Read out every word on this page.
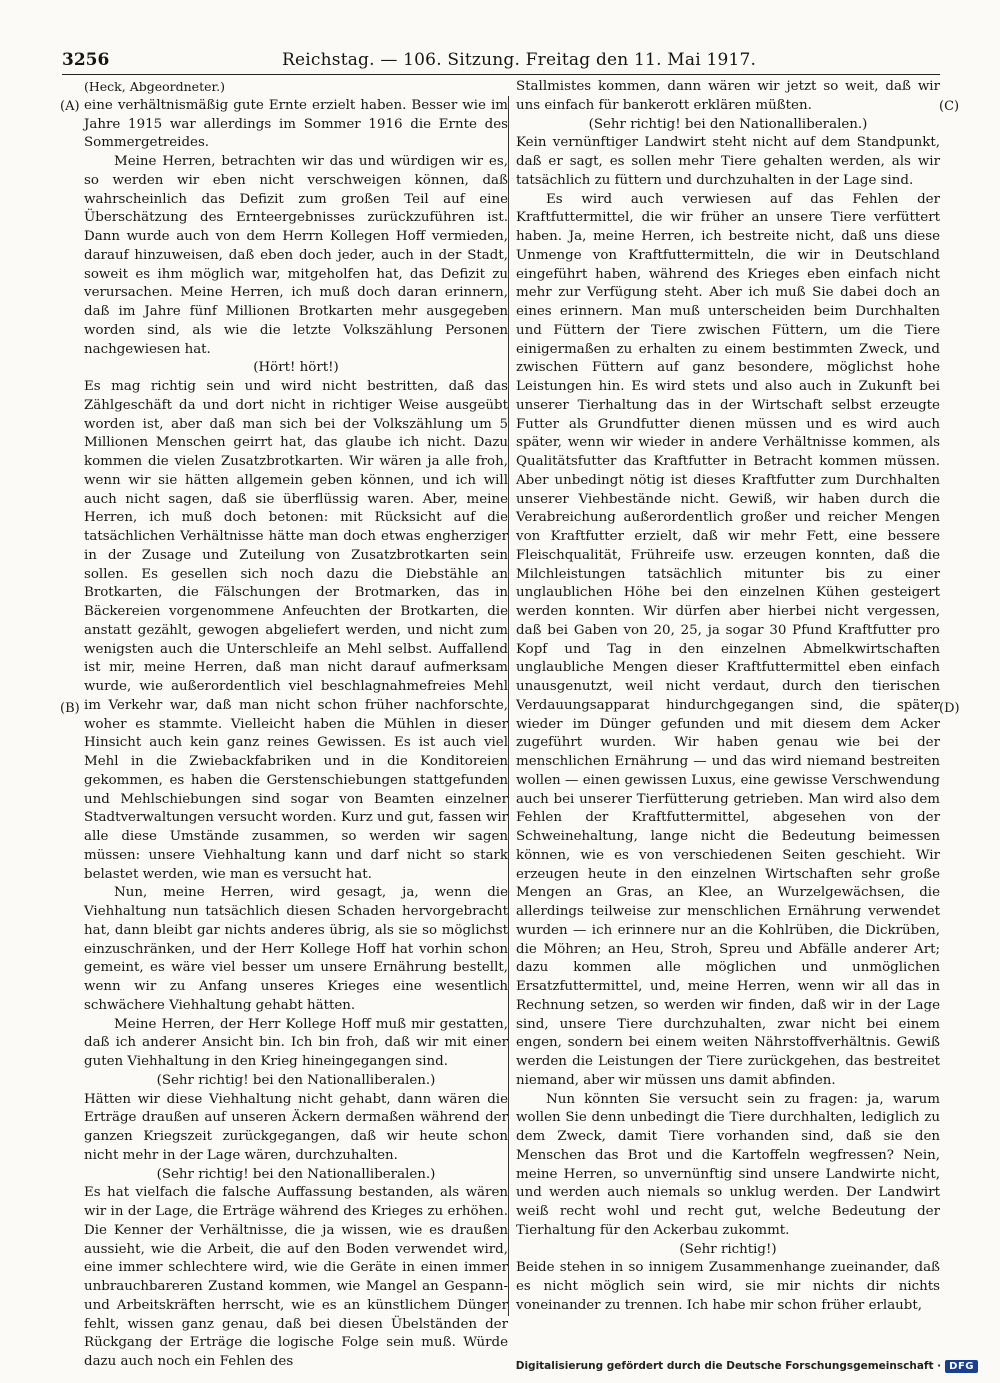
3256	Reichstag. — 106. Sitzung. Freitag den 11. Mai 1917.
(A)
(B)
(C)
(D)

(Heck, Abgeordneter.)

eine verhältnismäßig gute Ernte erzielt haben. Besser wie im Jahre 1915 war allerdings im Sommer 1916 die Ernte des Sommergetreides.

Meine Herren, betrachten wir das und würdigen wir es, so werden wir eben nicht verschweigen können, daß wahrscheinlich das Defizit zum großen Teil auf eine Überschätzung des Ernteergebnisses zurückzuführen ist. Dann wurde auch von dem Herrn Kollegen Hoff vermieden, darauf hinzuweisen, daß eben doch jeder, auch in der Stadt, soweit es ihm möglich war, mitgeholfen hat, das Defizit zu verursachen. Meine Herren, ich muß doch daran erinnern, daß im Jahre fünf Millionen Brotkarten mehr ausgegeben worden sind, als wie die letzte Volkszählung Personen nachgewiesen hat.

(Hört! hört!)

Es mag richtig sein und wird nicht bestritten, daß das Zählgeschäft da und dort nicht in richtiger Weise ausgeübt worden ist, aber daß man sich bei der Volkszählung um 5 Millionen Menschen geirrt hat, das glaube ich nicht. Dazu kommen die vielen Zusatzbrotkarten. Wir wären ja alle froh, wenn wir sie hätten allgemein geben können, und ich will auch nicht sagen, daß sie überflüssig waren. Aber, meine Herren, ich muß doch betonen: mit Rücksicht auf die tatsächlichen Verhältnisse hätte man doch etwas engherziger in der Zusage und Zuteilung von Zusatzbrotkarten sein sollen. Es gesellen sich noch dazu die Diebstähle an Brotkarten, die Fälschungen der Brotmarken, das in Bäckereien vorgenommene Anfeuchten der Brotkarten, die anstatt gezählt, gewogen abgeliefert werden, und nicht zum wenigsten auch die Unterschleife an Mehl selbst. Auffallend ist mir, meine Herren, daß man nicht darauf aufmerksam wurde, wie außerordentlich viel beschlagnahmefreies Mehl im Verkehr war, daß man nicht schon früher nachforschte, woher es stammte. Vielleicht haben die Mühlen in dieser Hinsicht auch kein ganz reines Gewissen. Es ist auch viel Mehl in die Zwiebackfabriken und in die Konditoreien gekommen, es haben die Gerstenschiebungen stattgefunden und Mehlschiebungen sind sogar von Beamten einzelner Stadtverwaltungen versucht worden. Kurz und gut, fassen wir alle diese Umstände zusammen, so werden wir sagen müssen: unsere Viehhaltung kann und darf nicht so stark belastet werden, wie man es versucht hat.

Nun, meine Herren, wird gesagt, ja, wenn die Viehhaltung nun tatsächlich diesen Schaden hervorgebracht hat, dann bleibt gar nichts anderes übrig, als sie so möglichst einzuschränken, und der Herr Kollege Hoff hat vorhin schon gemeint, es wäre viel besser um unsere Ernährung bestellt, wenn wir zu Anfang unseres Krieges eine wesentlich schwächere Viehhaltung gehabt hätten.

Meine Herren, der Herr Kollege Hoff muß mir gestatten, daß ich anderer Ansicht bin. Ich bin froh, daß wir mit einer guten Viehhaltung in den Krieg hineingegangen sind.

(Sehr richtig! bei den Nationalliberalen.)

Hätten wir diese Viehhaltung nicht gehabt, dann wären die Erträge draußen auf unseren Äckern dermaßen während der ganzen Kriegszeit zurückgegangen, daß wir heute schon nicht mehr in der Lage wären, durchzuhalten.

(Sehr richtig! bei den Nationalliberalen.)

Es hat vielfach die falsche Auffassung bestanden, als wären wir in der Lage, die Erträge während des Krieges zu erhöhen. Die Kenner der Verhältnisse, die ja wissen, wie es draußen aussieht, wie die Arbeit, die auf den Boden verwendet wird, eine immer schlechtere wird, wie die Geräte in einen immer unbrauchbareren Zustand kommen, wie Mangel an Gespann- und Arbeitskräften herrscht, wie es an künstlichem Dünger fehlt, wissen ganz genau, daß bei diesen Übelständen der Rückgang der Erträge die logische Folge sein muß. Würde dazu auch noch ein Fehlen des

Stallmistes kommen, dann wären wir jetzt so weit, daß wir uns einfach für bankerott erklären müßten.

(Sehr richtig! bei den Nationalliberalen.)

Kein vernünftiger Landwirt steht nicht auf dem Standpunkt, daß er sagt, es sollen mehr Tiere gehalten werden, als wir tatsächlich zu füttern und durchzuhalten in der Lage sind.

Es wird auch verwiesen auf das Fehlen der Kraftfuttermittel, die wir früher an unsere Tiere verfüttert haben. Ja, meine Herren, ich bestreite nicht, daß uns diese Unmenge von Kraftfuttermitteln, die wir in Deutschland eingeführt haben, während des Krieges eben einfach nicht mehr zur Verfügung steht. Aber ich muß Sie dabei doch an eines erinnern. Man muß unterscheiden beim Durchhalten und Füttern der Tiere zwischen Füttern, um die Tiere einigermaßen zu erhalten zu einem bestimmten Zweck, und zwischen Füttern auf ganz besondere, möglichst hohe Leistungen hin. Es wird stets und also auch in Zukunft bei unserer Tierhaltung das in der Wirtschaft selbst erzeugte Futter als Grundfutter dienen müssen und es wird auch später, wenn wir wieder in andere Verhältnisse kommen, als Qualitätsfutter das Kraftfutter in Betracht kommen müssen. Aber unbedingt nötig ist dieses Kraftfutter zum Durchhalten unserer Viehbestände nicht. Gewiß, wir haben durch die Verabreichung außerordentlich großer und reicher Mengen von Kraftfutter erzielt, daß wir mehr Fett, eine bessere Fleischqualität, Frühreife usw. erzeugen konnten, daß die Milchleistungen tatsächlich mitunter bis zu einer unglaublichen Höhe bei den einzelnen Kühen gesteigert werden konnten. Wir dürfen aber hierbei nicht vergessen, daß bei Gaben von 20, 25, ja sogar 30 Pfund Kraftfutter pro Kopf und Tag in den einzelnen Abmelkwirtschaften unglaubliche Mengen dieser Kraftfuttermittel eben einfach unausgenutzt, weil nicht verdaut, durch den tierischen Verdauungsapparat hindurchgegangen sind, die später wieder im Dünger gefunden und mit diesem dem Acker zugeführt wurden. Wir haben genau wie bei der menschlichen Ernährung — und das wird niemand bestreiten wollen — einen gewissen Luxus, eine gewisse Verschwendung auch bei unserer Tierfütterung getrieben. Man wird also dem Fehlen der Kraftfuttermittel, abgesehen von der Schweinehaltung, lange nicht die Bedeutung beimessen können, wie es von verschiedenen Seiten geschieht. Wir erzeugen heute in den einzelnen Wirtschaften sehr große Mengen an Gras, an Klee, an Wurzelgewächsen, die allerdings teilweise zur menschlichen Ernährung verwendet wurden — ich erinnere nur an die Kohlrüben, die Dickrüben, die Möhren; an Heu, Stroh, Spreu und Abfälle anderer Art; dazu kommen alle möglichen und unmöglichen Ersatzfuttermittel, und, meine Herren, wenn wir all das in Rechnung setzen, so werden wir finden, daß wir in der Lage sind, unsere Tiere durchzuhalten, zwar nicht bei einem engen, sondern bei einem weiten Nährstoffverhältnis. Gewiß werden die Leistungen der Tiere zurückgehen, das bestreitet niemand, aber wir müssen uns damit abfinden.

Nun könnten Sie versucht sein zu fragen: ja, warum wollen Sie denn unbedingt die Tiere durchhalten, lediglich zu dem Zweck, damit Tiere vorhanden sind, daß sie den Menschen das Brot und die Kartoffeln wegfressen? Nein, meine Herren, so unvernünftig sind unsere Landwirte nicht, und werden auch niemals so unklug werden. Der Landwirt weiß recht wohl und recht gut, welche Bedeutung der Tierhaltung für den Ackerbau zukommt.

(Sehr richtig!)

Beide stehen in so innigem Zusammenhange zueinander, daß es nicht möglich sein wird, sie mir nichts dir nichts voneinander zu trennen. Ich habe mir schon früher erlaubt,

Digitalisierung gefördert durch die Deutsche Forschungsgemeinschaft · DFG
